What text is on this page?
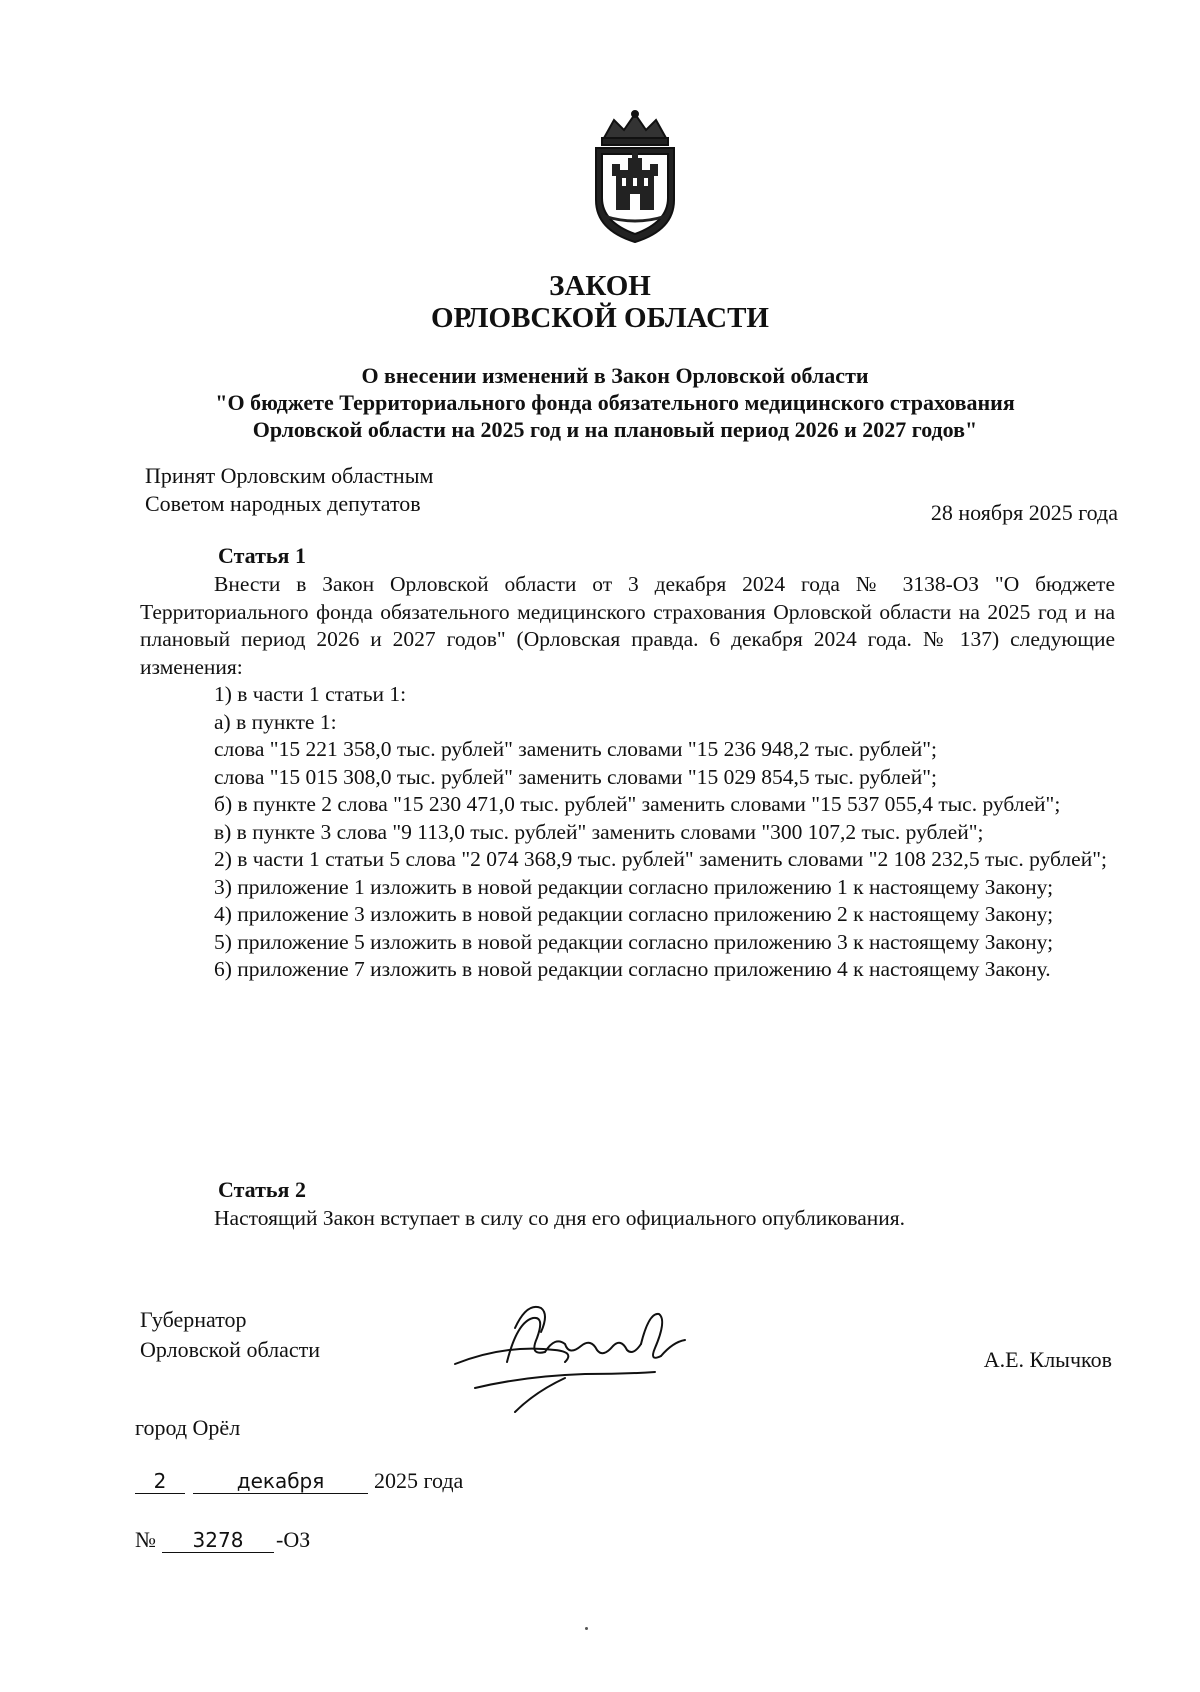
ЗАКОН
ОРЛОВСКОЙ ОБЛАСТИ
О внесении изменений в Закон Орловской области
"О бюджете Территориального фонда обязательного медицинского страхования
Орловской области на 2025 год и на плановый период 2026 и 2027 годов"
Принят Орловским областным
Советом народных депутатов	28 ноября 2025 года
Статья 1

Внести в Закон Орловской области от 3 декабря 2024 года № 3138-ОЗ "О бюджете Территориального фонда обязательного медицинского страхования Орловской области на 2025 год и на плановый период 2026 и 2027 годов" (Орловская правда. 6 декабря 2024 года. № 137) следующие изменения:

1) в части 1 статьи 1:

а) в пункте 1:

слова "15 221 358,0 тыс. рублей" заменить словами "15 236 948,2 тыс. рублей";

слова "15 015 308,0 тыс. рублей" заменить словами "15 029 854,5 тыс. рублей";

б) в пункте 2 слова "15 230 471,0 тыс. рублей" заменить словами "15 537 055,4 тыс. рублей";

в) в пункте 3 слова "9 113,0 тыс. рублей" заменить словами "300 107,2 тыс. рублей";

2) в части 1 статьи 5 слова "2 074 368,9 тыс. рублей" заменить словами "2 108 232,5 тыс. рублей";

3) приложение 1 изложить в новой редакции согласно приложению 1 к настоящему Закону;

4) приложение 3 изложить в новой редакции согласно приложению 2 к настоящему Закону;

5) приложение 5 изложить в новой редакции согласно приложению 3 к настоящему Закону;

6) приложение 7 изложить в новой редакции согласно приложению 4 к настоящему Закону.

Статья 2

Настоящий Закон вступает в силу со дня его официального опубликования.

Губернатор
Орловской области	А.Е. Клычков
город Орёл
2	декабря 2025 года
№ 3278 -ОЗ
